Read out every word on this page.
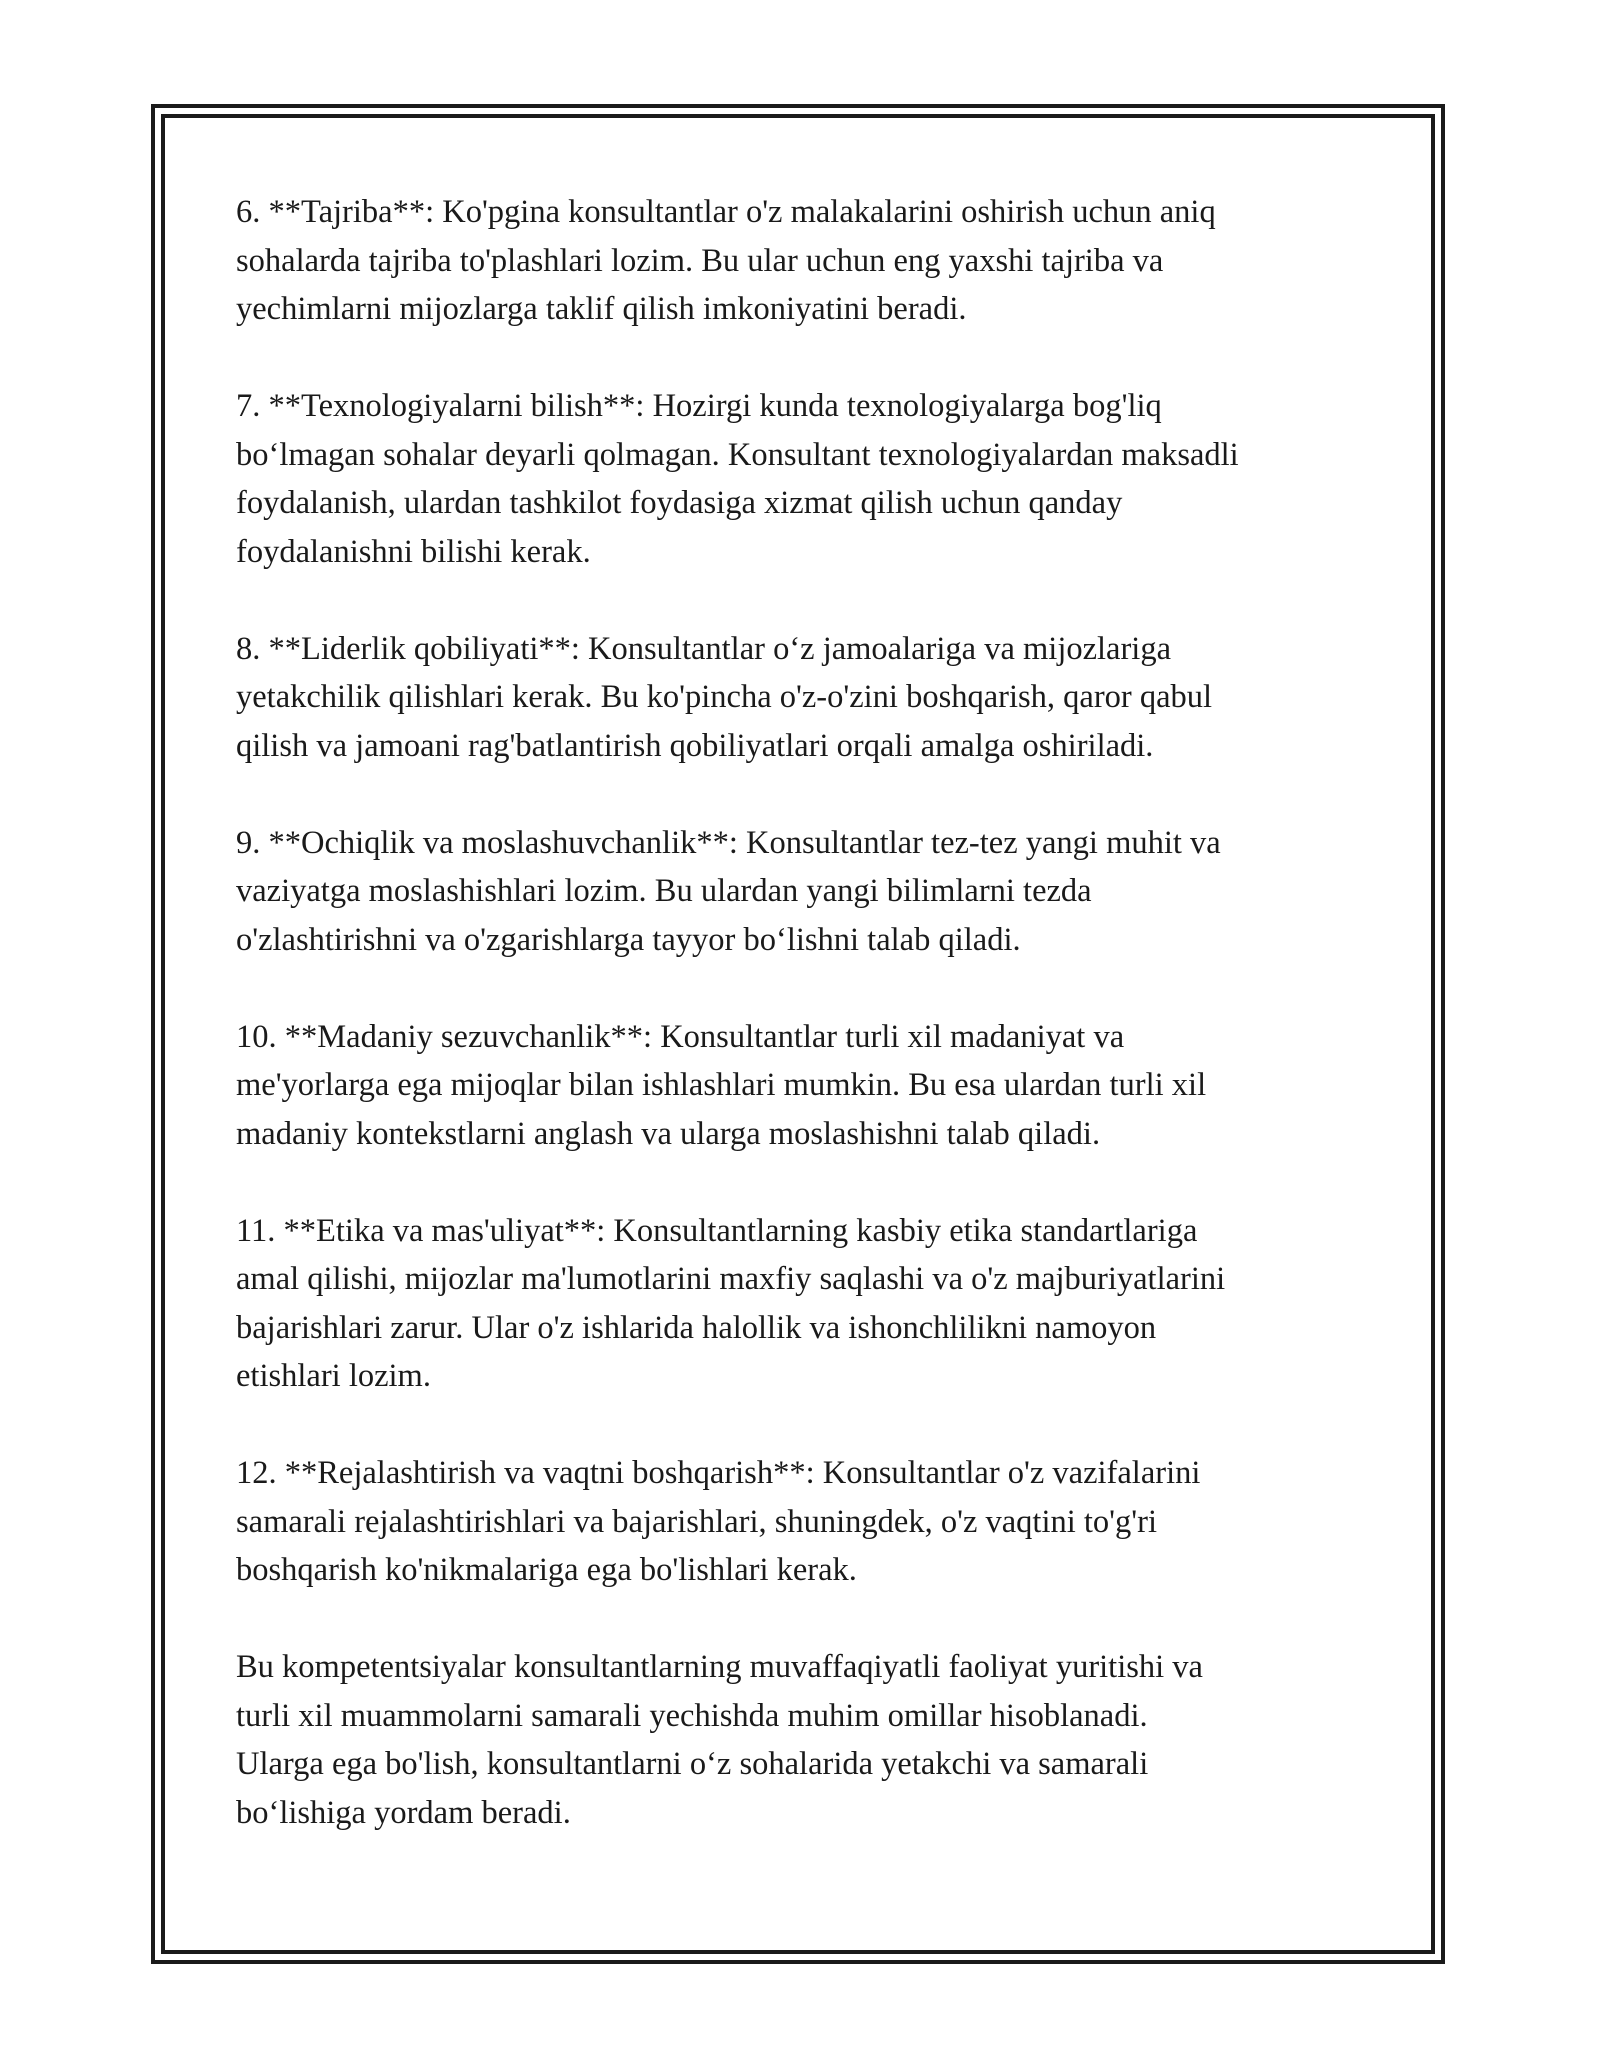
6. **Tajriba**: Ko'pgina konsultantlar o'z malakalarini oshirish uchun aniq
sohalarda tajriba to'plashlari lozim. Bu ular uchun eng yaxshi tajriba va
yechimlarni mijozlarga taklif qilish imkoniyatini beradi.
7. **Texnologiyalarni bilish**: Hozirgi kunda texnologiyalarga bog'liq
bo‘lmagan sohalar deyarli qolmagan. Konsultant texnologiyalardan maksadli
foydalanish, ulardan tashkilot foydasiga xizmat qilish uchun qanday
foydalanishni bilishi kerak.
8. **Liderlik qobiliyati**: Konsultantlar o‘z jamoalariga va mijozlariga
yetakchilik qilishlari kerak. Bu ko'pincha o'z-o'zini boshqarish, qaror qabul
qilish va jamoani rag'batlantirish qobiliyatlari orqali amalga oshiriladi.
9. **Ochiqlik va moslashuvchanlik**: Konsultantlar tez-tez yangi muhit va
vaziyatga moslashishlari lozim. Bu ulardan yangi bilimlarni tezda
o'zlashtirishni va o'zgarishlarga tayyor bo‘lishni talab qiladi.
10. **Madaniy sezuvchanlik**: Konsultantlar turli xil madaniyat va
me'yorlarga ega mijoqlar bilan ishlashlari mumkin. Bu esa ulardan turli xil
madaniy kontekstlarni anglash va ularga moslashishni talab qiladi.
11. **Etika va mas'uliyat**: Konsultantlarning kasbiy etika standartlariga
amal qilishi, mijozlar ma'lumotlarini maxfiy saqlashi va o'z majburiyatlarini
bajarishlari zarur. Ular o'z ishlarida halollik va ishonchlilikni namoyon
etishlari lozim.
12. **Rejalashtirish va vaqtni boshqarish**: Konsultantlar o'z vazifalarini
samarali rejalashtirishlari va bajarishlari, shuningdek, o'z vaqtini to'g'ri
boshqarish ko'nikmalariga ega bo'lishlari kerak.
Bu kompetentsiyalar konsultantlarning muvaffaqiyatli faoliyat yuritishi va
turli xil muammolarni samarali yechishda muhim omillar hisoblanadi.
Ularga ega bo'lish, konsultantlarni o‘z sohalarida yetakchi va samarali
bo‘lishiga yordam beradi.
